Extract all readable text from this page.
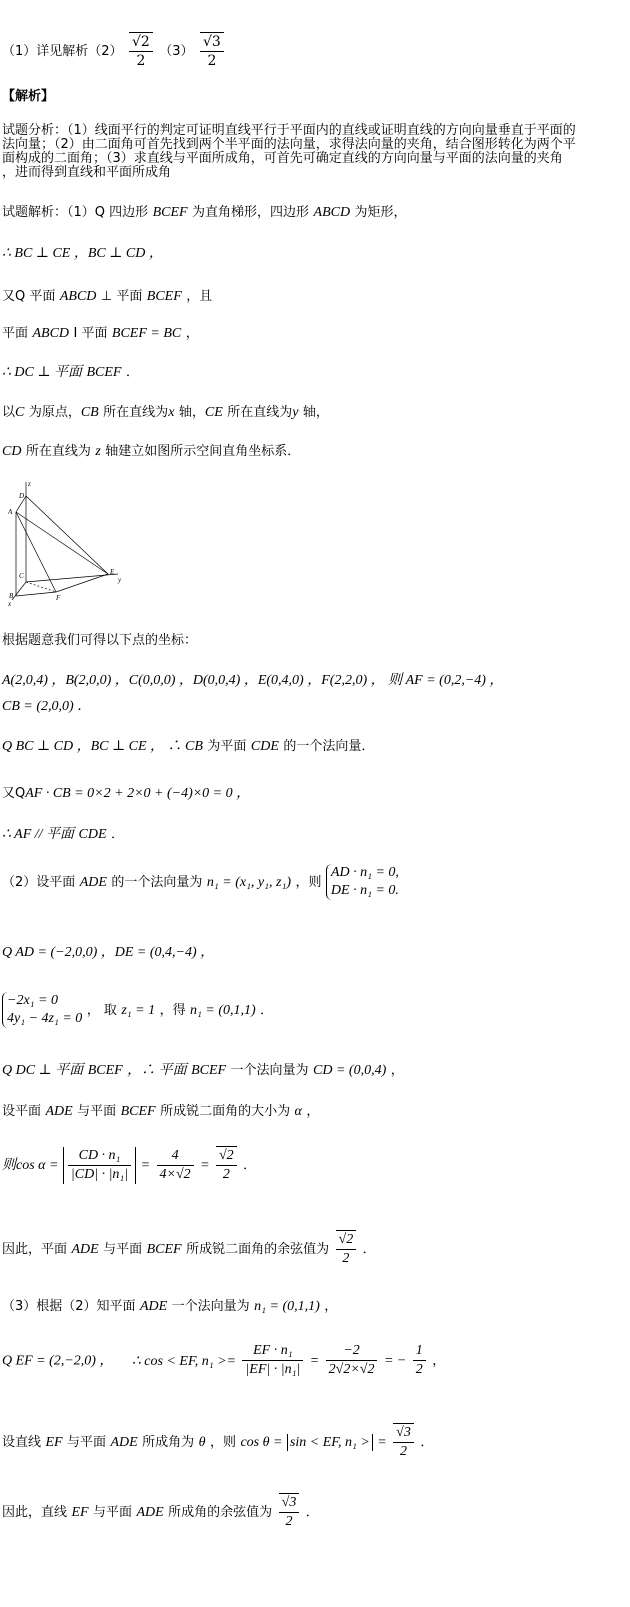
（1）详见解析$(2) \frac{√2}{2} (3) \frac{√3}{2}$
【解析】
试题分析：（1）线面平行的判定可证明直线平行于平面内的直线或证明直线的方向向量垂直于平面的
法向量；（2）由二面角可首先找到两个半平面的法向量，求得法向量的夹角，结合图形转化为两个平
面构成的二面角；（3）求直线与平面所成角，可首先可确定直线的方向向量与平面的法向量的夹角
，进而得到直线和平面所成角
试题解析：（1）Q 四边形 BCEF 为直角梯形，四边形 ABCD 为矩形，
∴ BC ⊥ CE ，BC ⊥ CD ，
又Q 平面 ABCD ⊥ 平面 BCEF ，且
平面 ABCD I 平面 BCEF = BC ，
∴ DC ⊥ 平面 BCEF ．
以C 为原点，CB 所在直线为x 轴，CE 所在直线为y 轴，
CD 所在直线为 z 轴建立如图所示空间直角坐标系．
z
y
x
D
A
C	E
B	F
根据题意我们可得以下点的坐标：
A(2,0,4) ，B(2,0,0) ，C(0,0,0) ，D(0,0,4) ，E(0,4,0) ，F(2,2,0) ， 则 AF = (0,2,−4) ，
CB = (2,0,0) ．
Q BC ⊥ CD ，BC ⊥ CE ， ∴ CB 为平面 CDE 的一个法向量．
又QAF · CB = 0×2 + 2×0 + (−4)×0 = 0 ，
∴ AF // 平面 CDE ．
（2）设平面 ADE 的一个法向量为 n₁ = (x₁, y₁, z₁) ，则
AD · n₁ = 0,
DE · n₁ = 0.
Q AD = (−2,0,0) ，DE = (0,4,−4) ，
−2x₁ = 0
4y₁ − 4z₁ = 0
， 取 z₁ = 1 ，得 n₁ = (0,1,1) ．
Q DC ⊥ 平面 BCEF ，∴ 平面 BCEF 一个法向量为 CD = (0,0,4) ，
设平面 ADE 与平面 BCEF 所成锐二面角的大小为 α ，
则$\cos \alpha = \frac{\text{CD · n₁}}{\text{|CD| · |n₁|}} = \frac{4}{4\times√2} = \frac{√2}{2}$ ．
因此，平面 ADE 与平面 BCEF 所成锐二面角的余弦值为 $\frac{√2}{2}$ ．
（3）根据（2）知平面 ADE 一个法向量为 n₁ = (0,1,1) ，
Q EF = (2,−2,0) ， ∴ cos < EF, $n_1 >= \frac{\text{EF · n₁}}{\text{|EF| · |n₁|}} = \frac{-2}{2√2\times√2}$ = − $\frac{1}{2}$ ，
设直线 EF 与平面 ADE 所成角为 θ ，则 cos θ = sin < EF, n₁ > = $\frac{√3}{2}$ ．
因此，直线 EF 与平面 ADE 所成角的余弦值为 $\frac{√3}{2}$ ．
